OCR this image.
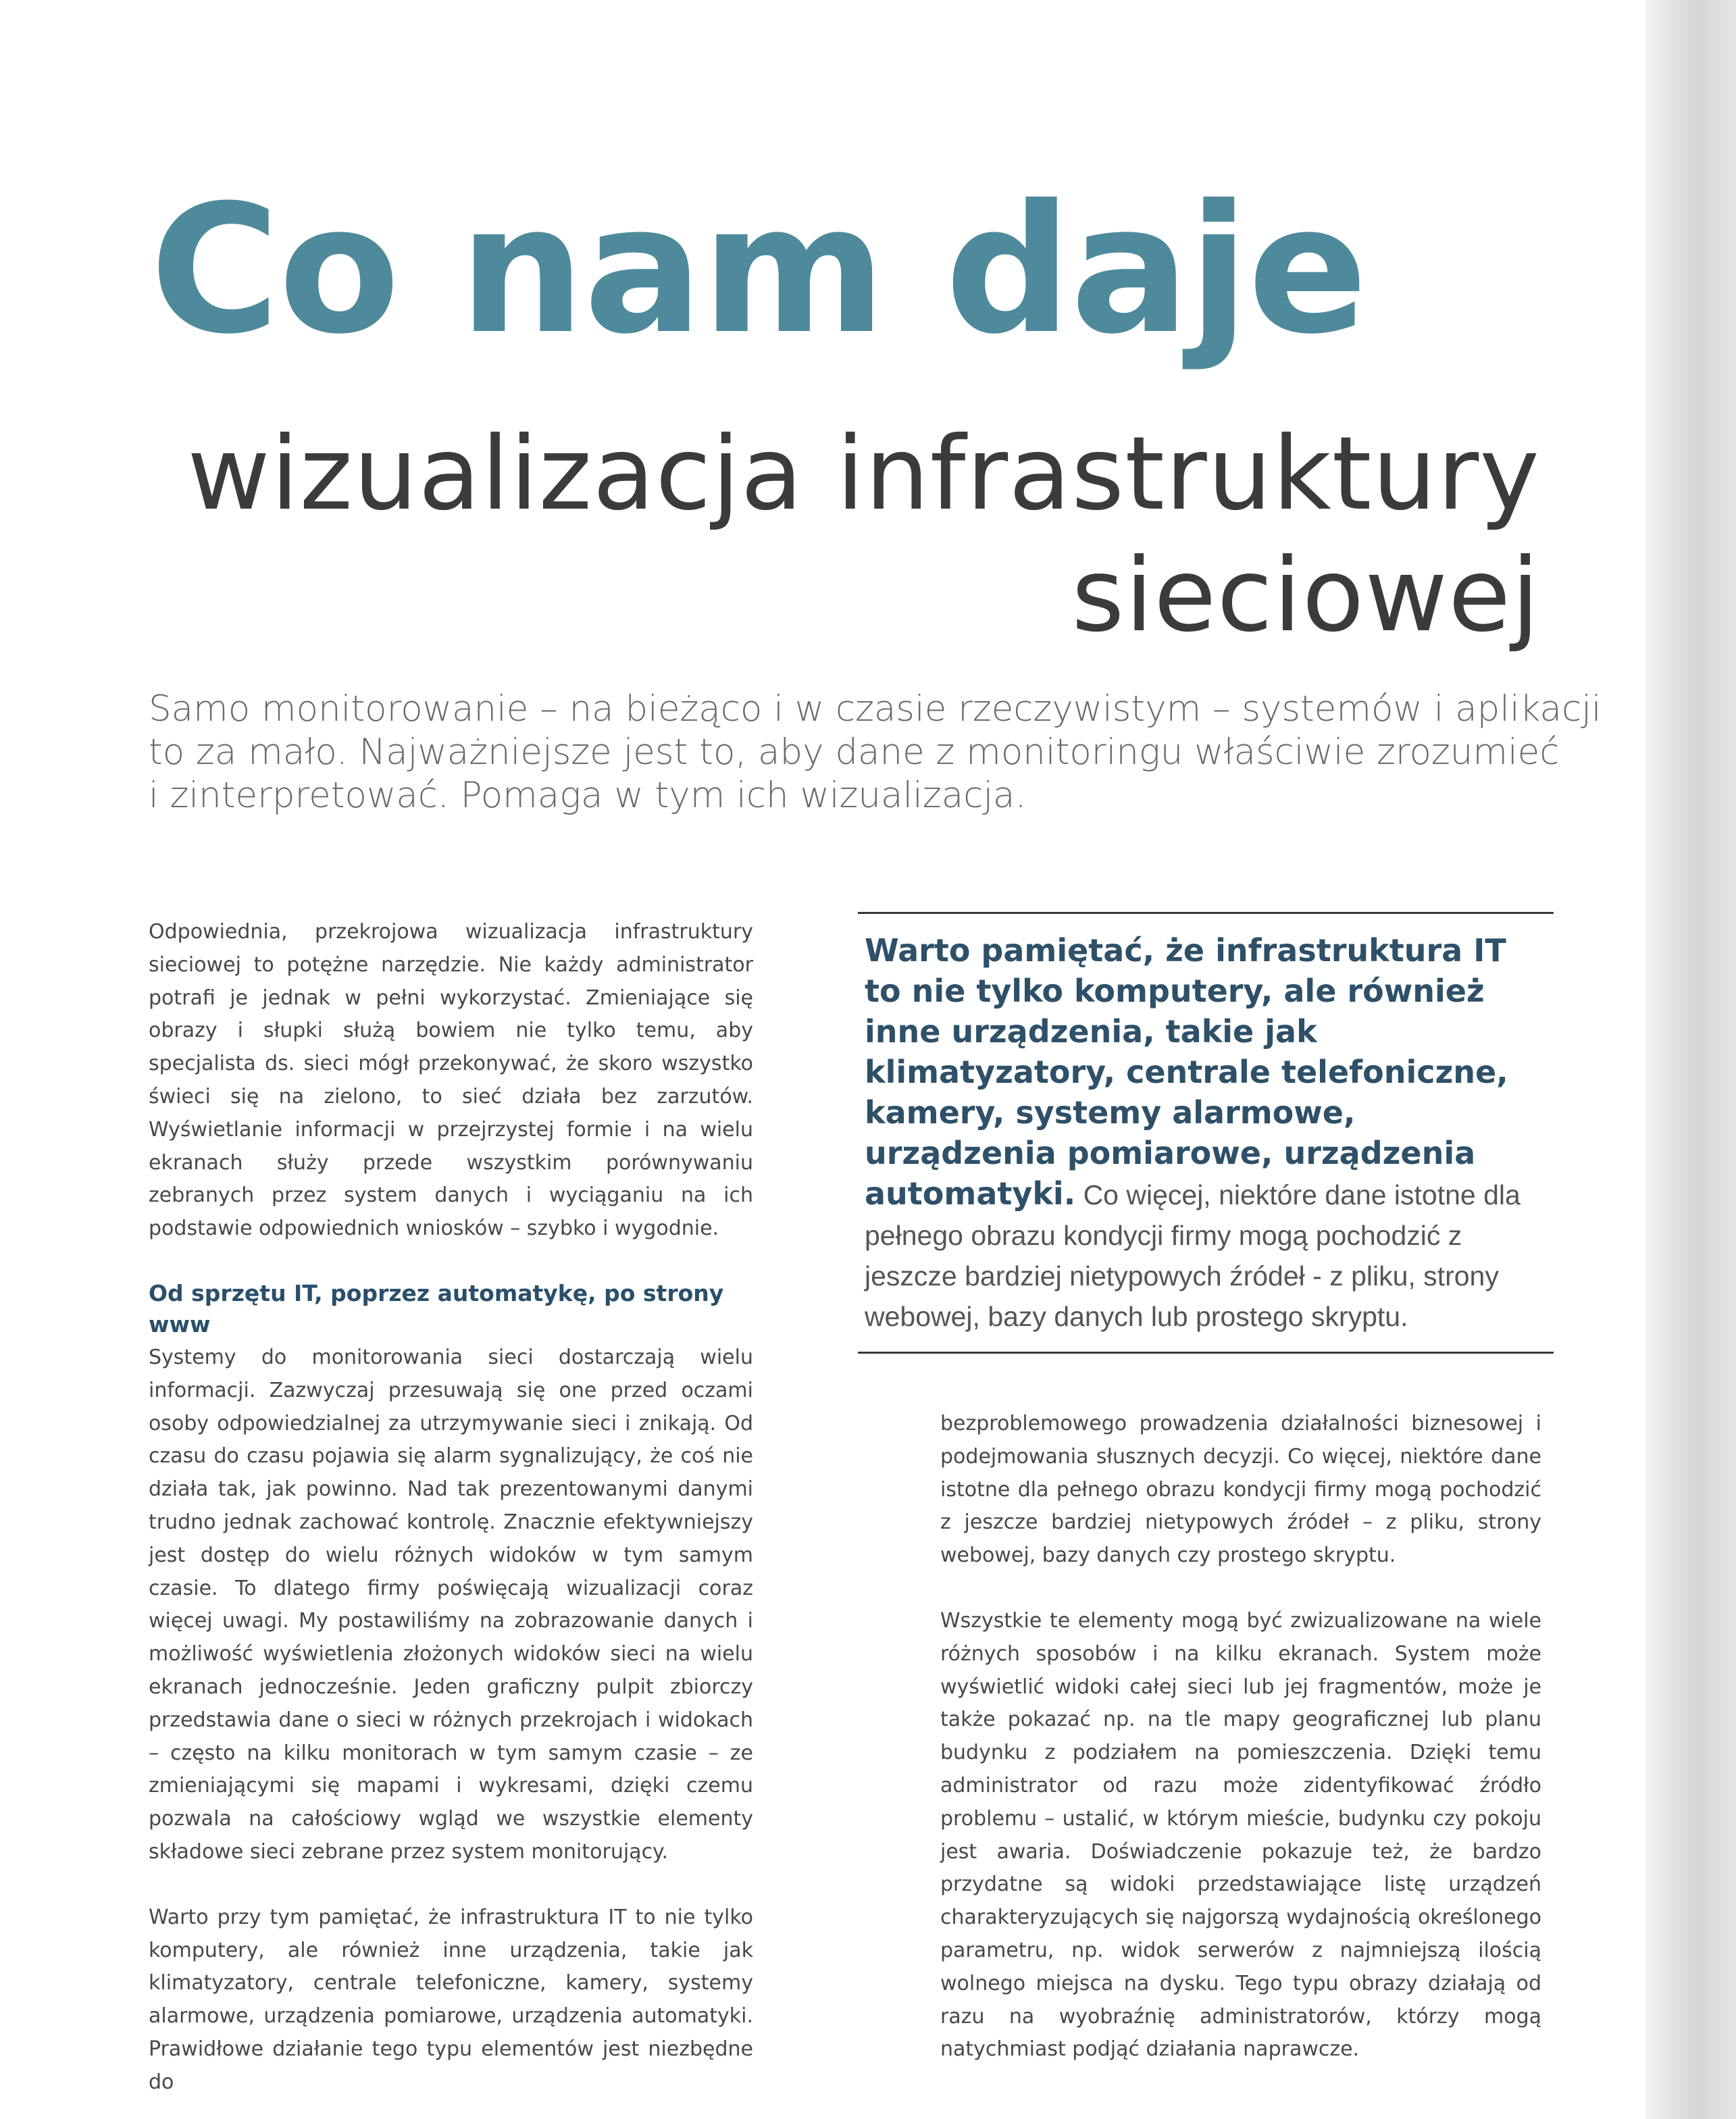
Co nam daje
wizualizacja infrastruktury
sieciowej
Samo monitorowanie – na bieżąco i w czasie rzeczywistym – systemów i aplikacji
to za mało. Najważniejsze jest to, aby dane z monitoringu właściwie zrozumieć
i zinterpretować. Pomaga w tym ich wizualizacja.

Odpowiednia, przekrojowa wizualizacja infrastruktury sieciowej to potężne narzędzie. Nie każdy administrator potrafi je jednak w pełni wykorzystać. Zmieniające się obrazy i słupki służą bowiem nie tylko temu, aby specjalista ds. sieci mógł przekonywać, że skoro wszystko świeci się na zielono, to sieć działa bez zarzutów. Wyświetlanie informacji w przejrzystej formie i na wielu ekranach służy przede wszystkim porównywaniu zebranych przez system danych i wyciąganiu na ich podstawie odpowiednich wniosków – szybko i wygodnie.

Od sprzętu IT, poprzez automatykę, po strony www

Systemy do monitorowania sieci dostarczają wielu informacji. Zazwyczaj przesuwają się one przed oczami osoby odpowiedzialnej za utrzymywanie sieci i znikają. Od czasu do czasu pojawia się alarm sygnalizujący, że coś nie działa tak, jak powinno. Nad tak prezentowanymi danymi trudno jednak zachować kontrolę. Znacznie efektywniejszy jest dostęp do wielu różnych widoków w tym samym czasie. To dlatego firmy poświęcają wizualizacji coraz więcej uwagi. My postawiliśmy na zobrazowanie danych i możliwość wyświetlenia złożonych widoków sieci na wielu ekranach jednocześnie. Jeden graficzny pulpit zbiorczy przedstawia dane o sieci w różnych przekrojach i widokach – często na kilku monitorach w tym samym czasie – ze zmieniającymi się mapami i wykresami, dzięki czemu pozwala na całościowy wgląd we wszystkie elementy składowe sieci zebrane przez system monitorujący.

Warto przy tym pamiętać, że infrastruktura IT to nie tylko komputery, ale również inne urządzenia, takie jak klimatyzatory, centrale telefoniczne, kamery, systemy alarmowe, urządzenia pomiarowe, urządzenia automatyki. Prawidłowe działanie tego typu elementów jest niezbędne do

Warto pamiętać, że infrastruktura IT to nie tylko komputery, ale również inne urządzenia, takie jak klimatyzatory, centrale telefoniczne, kamery, systemy alarmowe, urządzenia pomiarowe, urządzenia automatyki. Co więcej, niektóre dane istotne dla pełnego obrazu kondycji firmy mogą pochodzić z jeszcze bardziej nietypowych źródeł - z pliku, strony webowej, bazy danych lub prostego skryptu.

bezproblemowego prowadzenia działalności biznesowej i podejmowania słusznych decyzji. Co więcej, niektóre dane istotne dla pełnego obrazu kondycji firmy mogą pochodzić z jeszcze bardziej nietypowych źródeł – z pliku, strony webowej, bazy danych czy prostego skryptu.

Wszystkie te elementy mogą być zwizualizowane na wiele różnych sposobów i na kilku ekranach. System może wyświetlić widoki całej sieci lub jej fragmentów, może je także pokazać np. na tle mapy geograficznej lub planu budynku z podziałem na pomieszczenia. Dzięki temu administrator od razu może zidentyfikować źródło problemu – ustalić, w którym mieście, budynku czy pokoju jest awaria. Doświadczenie pokazuje też, że bardzo przydatne są widoki przedstawiające listę urządzeń charakteryzujących się najgorszą wydajnością określonego parametru, np. widok serwerów z najmniejszą ilością wolnego miejsca na dysku. Tego typu obrazy działają od razu na wyobraźnię administratorów, którzy mogą natychmiast podjąć działania naprawcze.
